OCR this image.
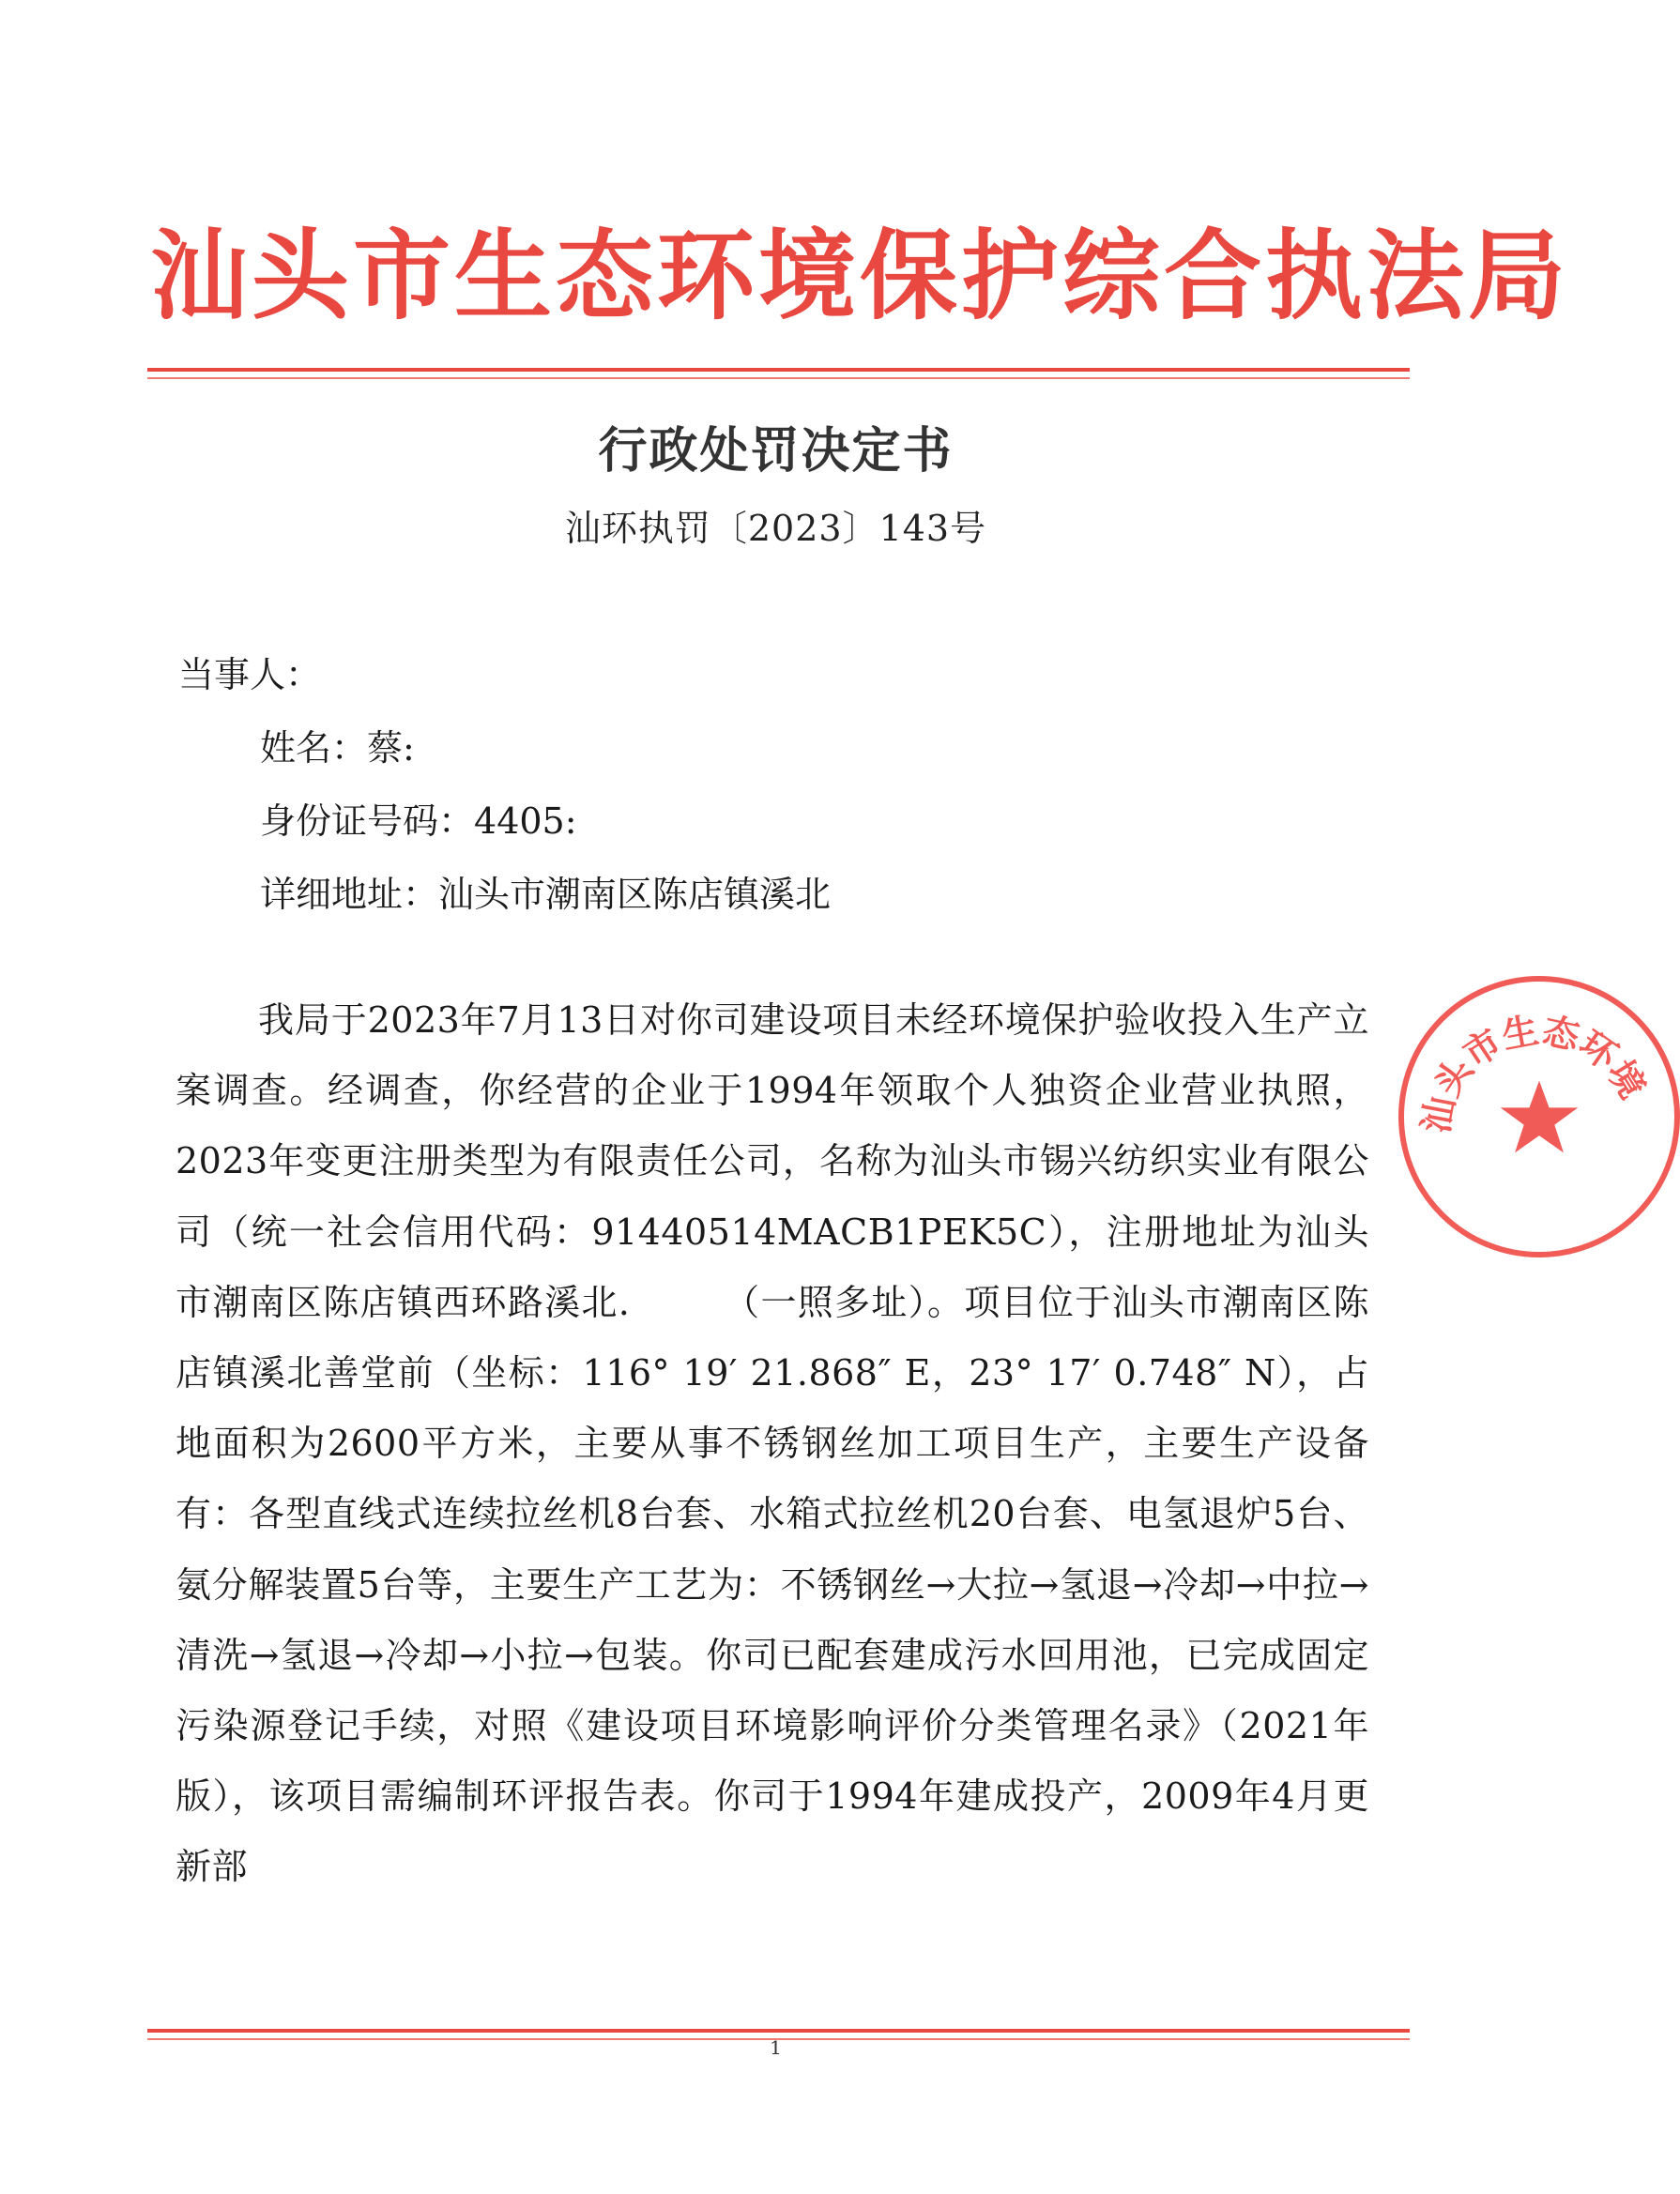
汕头市生态环境保护综合执法局
行政处罚决定书
汕环执罚〔2023〕143号
当事人：
姓名：蔡:
身份证号码：4405:
详细地址：汕头市潮南区陈店镇溪北

我局于2023年7月13日对你司建设项目未经环境保护验收投入生产立案调查。经调查，你经营的企业于1994年领取个人独资企业营业执照，2023年变更注册类型为有限责任公司，名称为汕头市锡兴纺织实业有限公司（统一社会信用代码：91440514MACB1PEK5C），注册地址为汕头市潮南区陈店镇西环路溪北.　　　（一照多址）。项目位于汕头市潮南区陈店镇溪北善堂前（坐标：116° 19′ 21.868″ E，23° 17′ 0.748″ N），占地面积为2600平方米，主要从事不锈钢丝加工项目生产，主要生产设备有：各型直线式连续拉丝机8台套、水箱式拉丝机20台套、电氢退炉5台、氨分解装置5台等，主要生产工艺为：不锈钢丝→大拉→氢退→冷却→中拉→清洗→氢退→冷却→小拉→包装。你司已配套建成污水回用池，已完成固定污染源登记手续，对照《建设项目环境影响评价分类管理名录》（2021年版），该项目需编制环评报告表。你司于1994年建成投产，2009年4月更新部

1
汕头市生态环境
